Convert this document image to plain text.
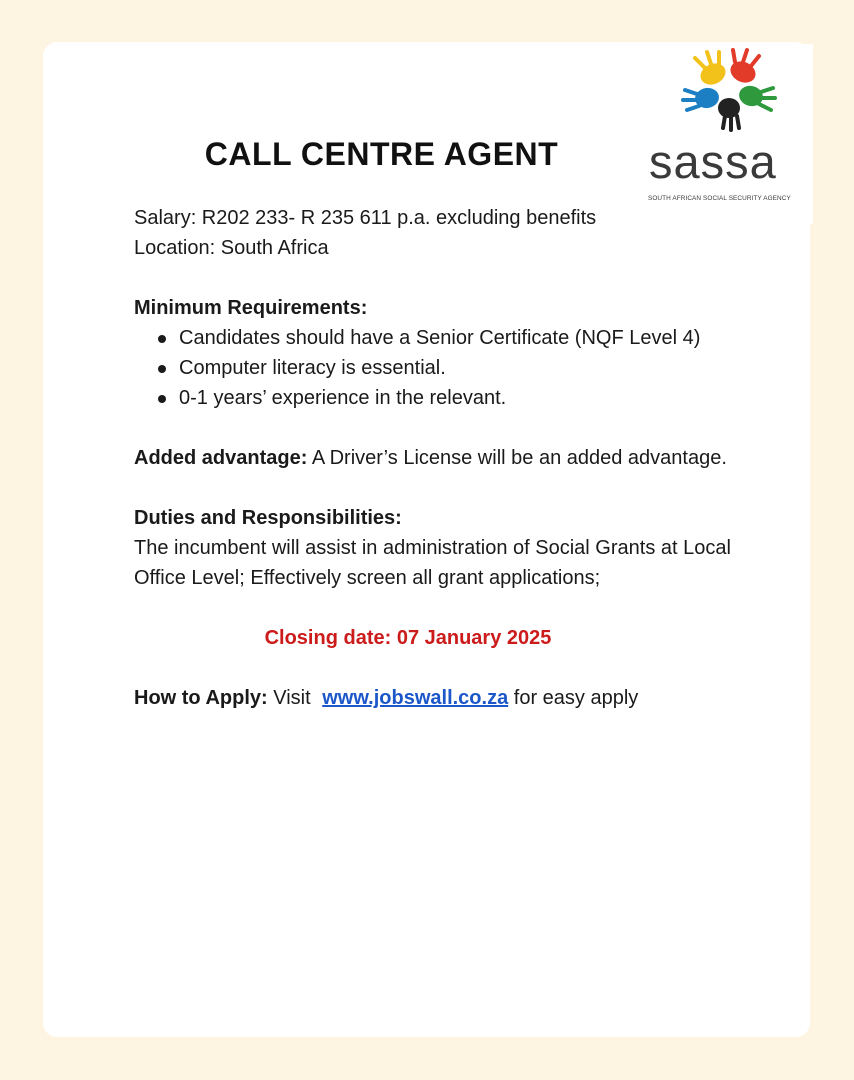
sassa
SOUTH AFRICAN SOCIAL SECURITY AGENCY
CALL CENTRE AGENT

Salary: R202 233- R 235 611 p.a. excluding benefits

Location: South Africa

Minimum Requirements:

Candidates should have a Senior Certificate (NQF Level 4)
Computer literacy is essential.
0-1 years’ experience in the relevant.

Added advantage: A Driver’s License will be an added advantage.

Duties and Responsibilities:

The incumbent will assist in administration of Social Grants at Local Office Level; Effectively screen all grant applications;

Closing date: 07 January 2025

How to Apply: Visit www.jobswall.co.za for easy apply
